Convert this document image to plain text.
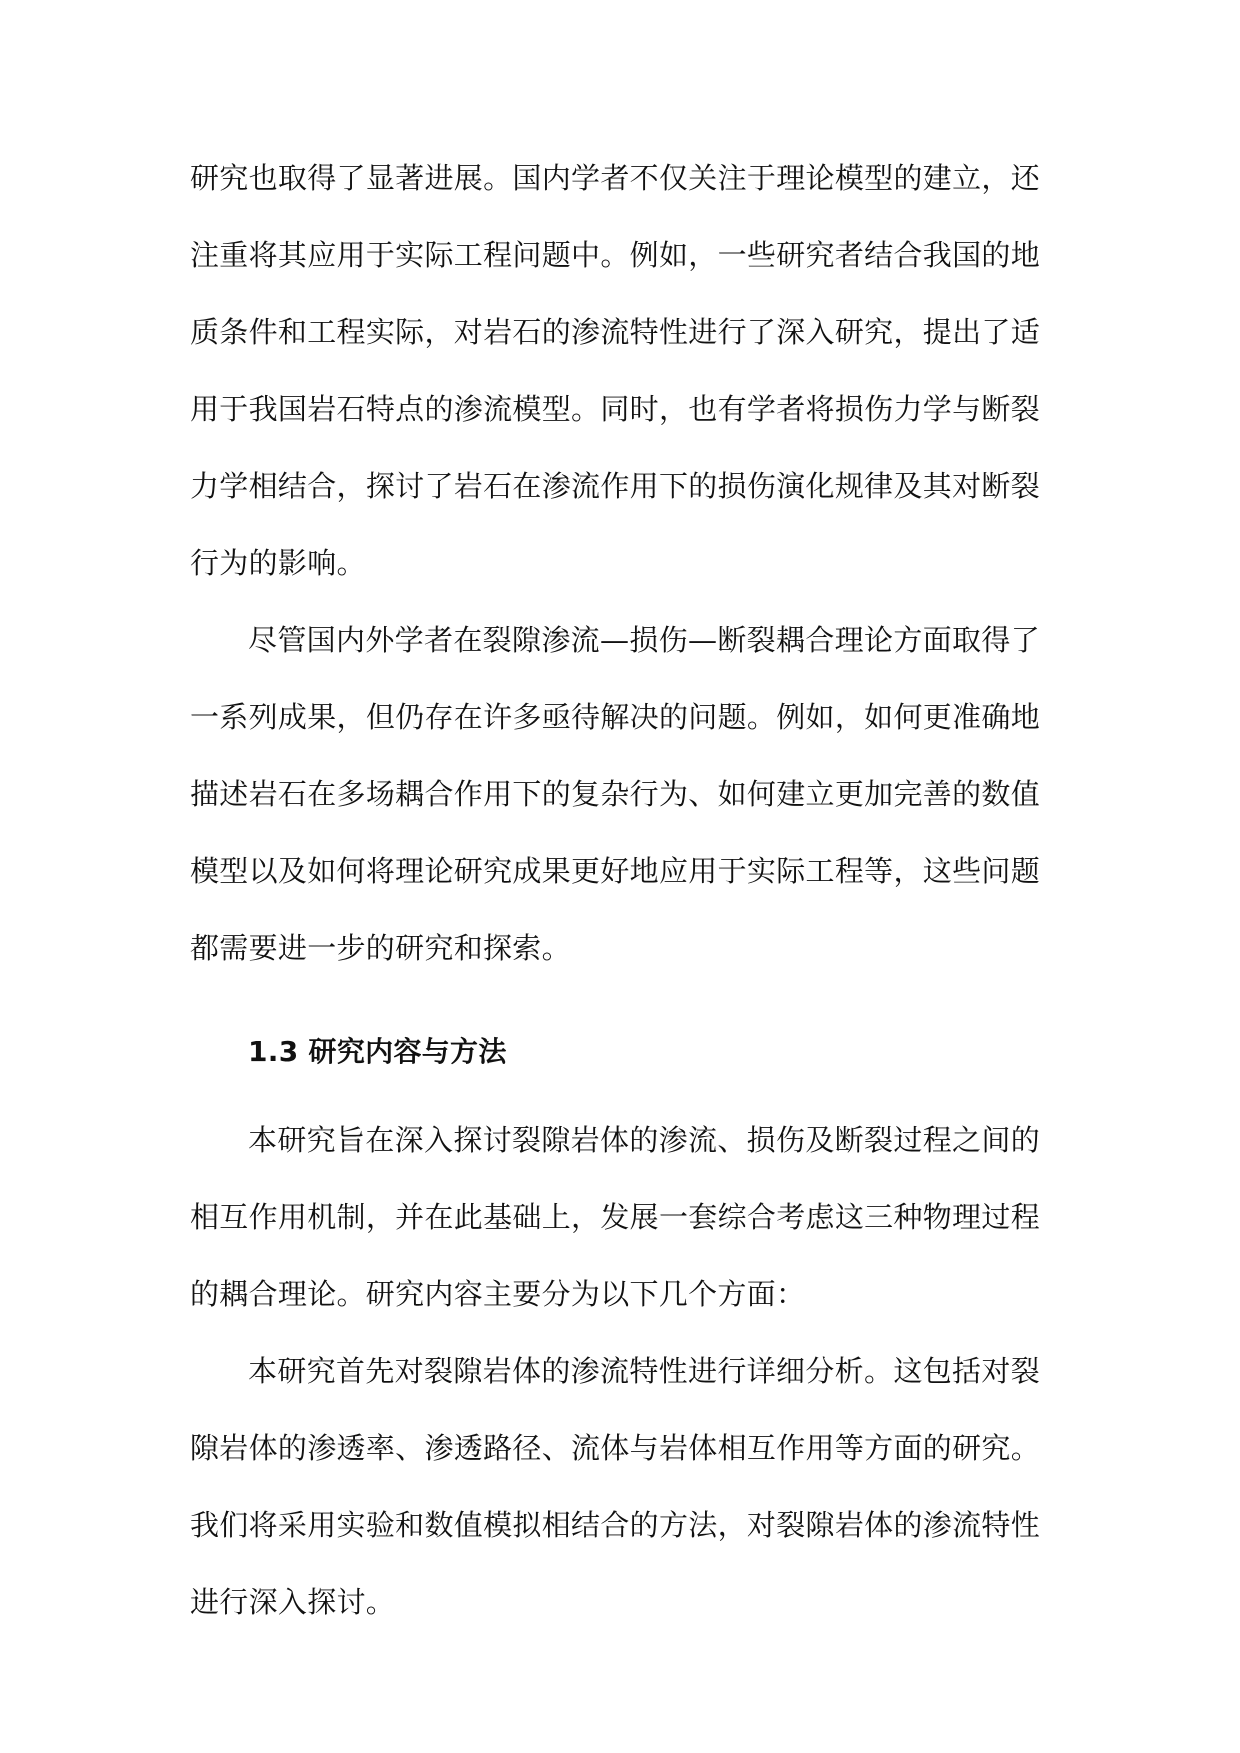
研究也取得了显著进展。国内学者不仅关注于理论模型的建立，还注重将其应用于实际工程问题中。例如，一些研究者结合我国的地质条件和工程实际，对岩石的渗流特性进行了深入研究，提出了适用于我国岩石特点的渗流模型。同时，也有学者将损伤力学与断裂力学相结合，探讨了岩石在渗流作用下的损伤演化规律及其对断裂行为的影响。

尽管国内外学者在裂隙渗流—损伤—断裂耦合理论方面取得了一系列成果，但仍存在许多亟待解决的问题。例如，如何更准确地描述岩石在多场耦合作用下的复杂行为、如何建立更加完善的数值模型以及如何将理论研究成果更好地应用于实际工程等，这些问题都需要进一步的研究和探索。

1.3 研究内容与方法

本研究旨在深入探讨裂隙岩体的渗流、损伤及断裂过程之间的相互作用机制，并在此基础上，发展一套综合考虑这三种物理过程的耦合理论。研究内容主要分为以下几个方面：

本研究首先对裂隙岩体的渗流特性进行详细分析。这包括对裂隙岩体的渗透率、渗透路径、流体与岩体相互作用等方面的研究。我们将采用实验和数值模拟相结合的方法，对裂隙岩体的渗流特性进行深入探讨。
